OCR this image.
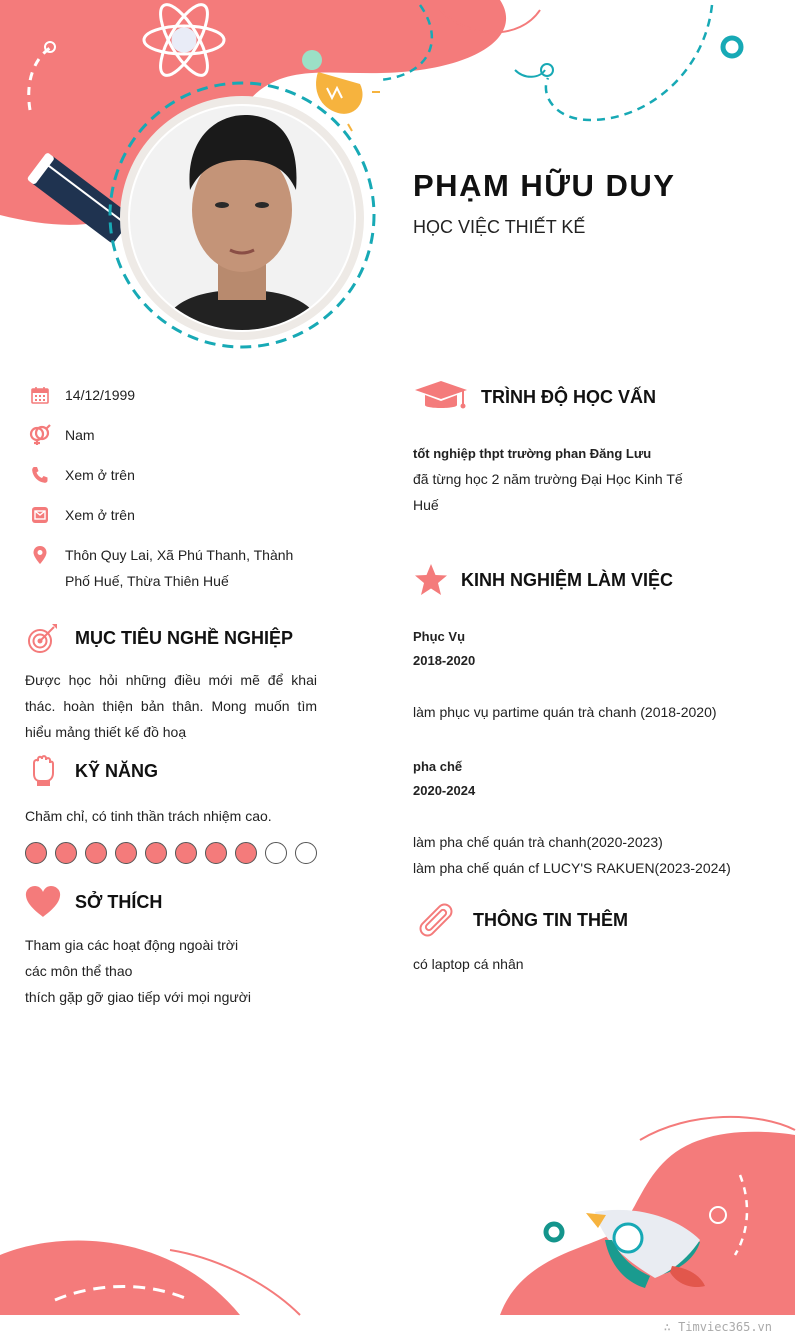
PHẠM HỮU DUY
HỌC VIỆC THIẾT KẾ
14/12/1999
Nam
Xem ở trên
Xem ở trên
Thôn Quy Lai, Xã Phú Thanh, Thành Phố Huế, Thừa Thiên Huế
MỤC TIÊU NGHỀ NGHIỆP
Được học hỏi những điều mới mẽ để khai thác. hoàn thiện bản thân. Mong muốn tìm hiểu mảng thiết kế đồ hoạ
KỸ NĂNG
Chăm chỉ, có tinh thần trách nhiệm cao.
SỞ THÍCH
Tham gia các hoạt động ngoài trời
các môn thể thao
thích gặp gỡ giao tiếp với mọi người
TRÌNH ĐỘ HỌC VẤN
tốt nghiệp thpt trường phan Đăng Lưu
đã từng học 2 năm trường Đại Học Kinh Tế Huế
KINH NGHIỆM LÀM VIỆC
Phục Vụ
2018-2020
làm phục vụ partime quán trà chanh (2018-2020)
pha chế
2020-2024
làm pha chế quán trà chanh(2020-2023)
làm pha chế quán cf LUCY'S RAKUEN(2023-2024)
THÔNG TIN THÊM
có laptop cá nhân
∴ Timviec365.vn
